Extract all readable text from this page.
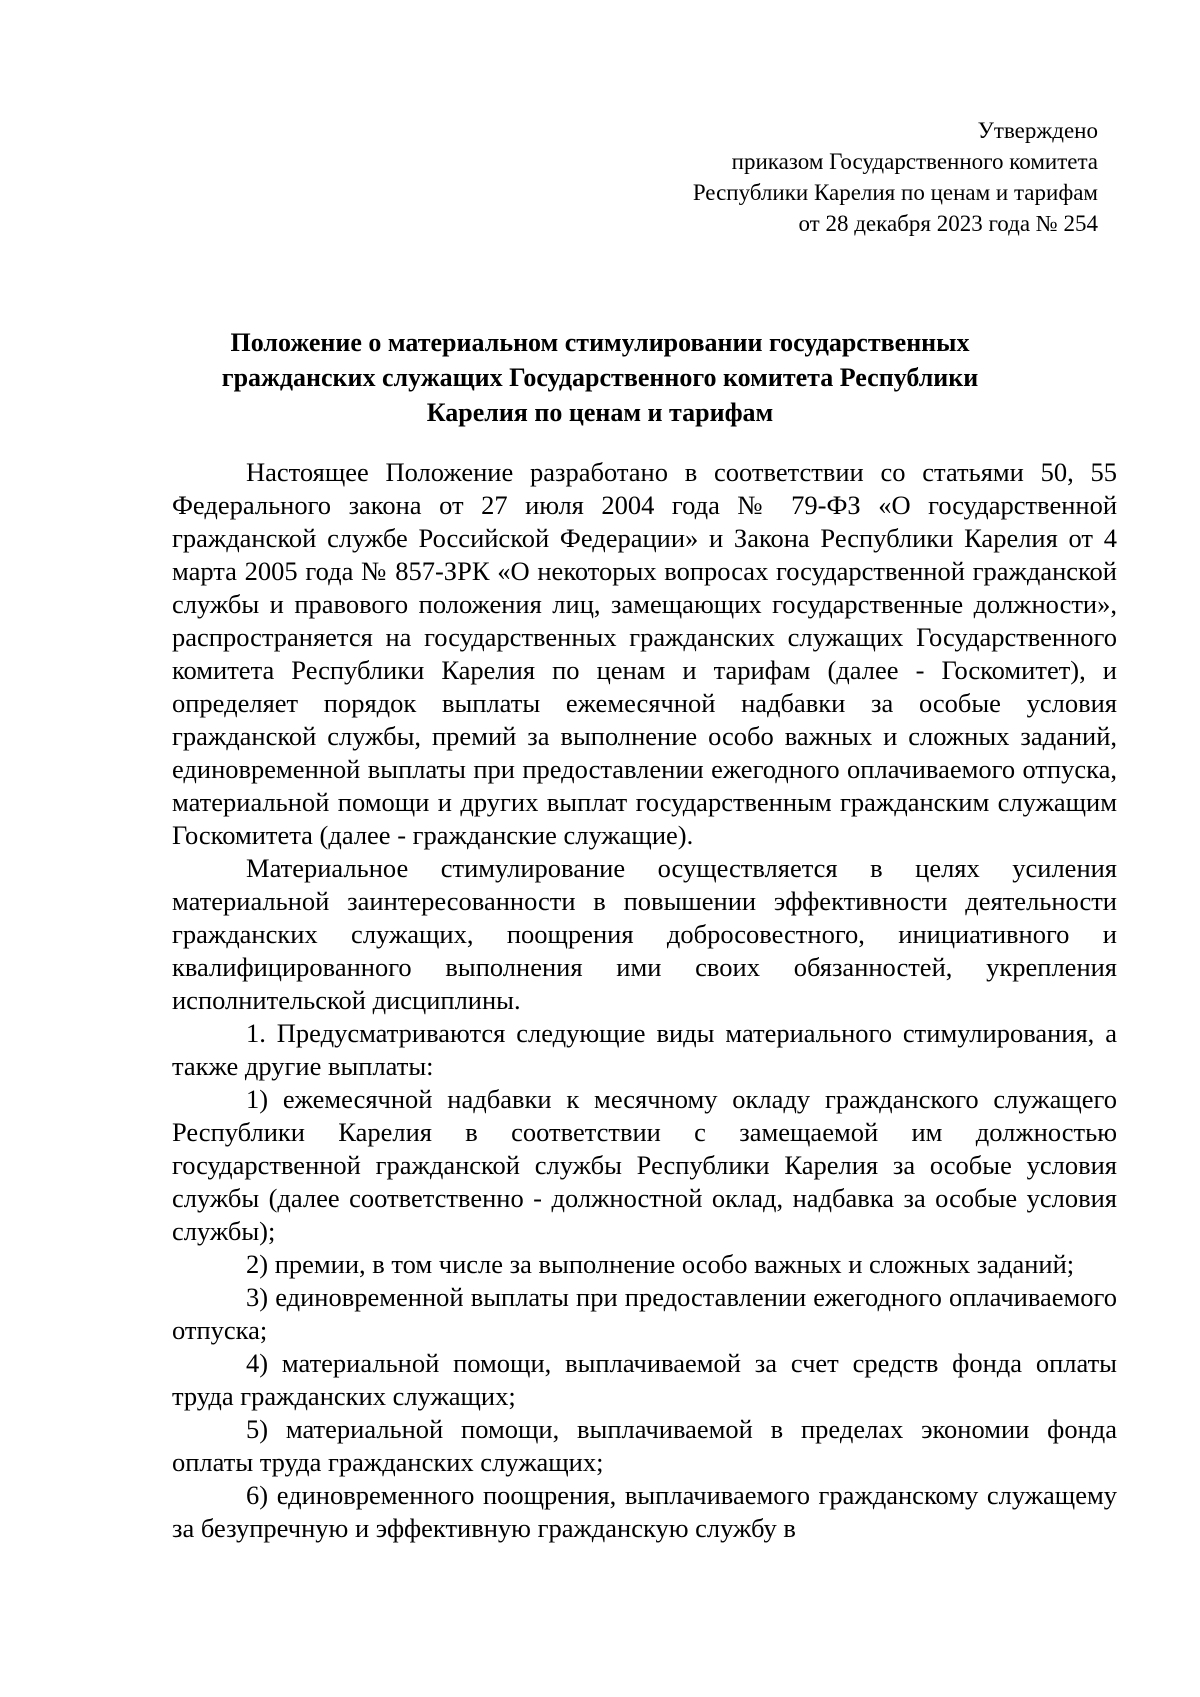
Утверждено
приказом Государственного комитета
Республики Карелия по ценам и тарифам
от 28 декабря 2023 года № 254
Положение о материальном стимулировании государственных
гражданских служащих Государственного комитета Республики
Карелия по ценам и тарифам

Настоящее Положение разработано в соответствии со статьями 50, 55 Федерального закона от 27 июля 2004 года № 79-ФЗ «О государственной гражданской службе Российской Федерации» и Закона Республики Карелия от 4 марта 2005 года № 857-ЗРК «О некоторых вопросах государственной гражданской службы и правового положения лиц, замещающих государственные должности», распространяется на государственных гражданских служащих Государственного комитета Республики Карелия по ценам и тарифам (далее - Госкомитет), и определяет порядок выплаты ежемесячной надбавки за особые условия гражданской службы, премий за выполнение особо важных и сложных заданий, единовременной выплаты при предоставлении ежегодного оплачиваемого отпуска, материальной помощи и других выплат государственным гражданским служащим Госкомитета (далее - гражданские служащие).

Материальное стимулирование осуществляется в целях усиления материальной заинтересованности в повышении эффективности деятельности гражданских служащих, поощрения добросовестного, инициативного и квалифицированного выполнения ими своих обязанностей, укрепления исполнительской дисциплины.

1. Предусматриваются следующие виды материального стимулирования, а также другие выплаты:

1) ежемесячной надбавки к месячному окладу гражданского служащего Республики Карелия в соответствии с замещаемой им должностью государственной гражданской службы Республики Карелия за особые условия службы (далее соответственно - должностной оклад, надбавка за особые условия службы);

2) премии, в том числе за выполнение особо важных и сложных заданий;

3) единовременной выплаты при предоставлении ежегодного оплачиваемого отпуска;

4) материальной помощи, выплачиваемой за счет средств фонда оплаты труда гражданских служащих;

5) материальной помощи, выплачиваемой в пределах экономии фонда оплаты труда гражданских служащих;

6) единовременного поощрения, выплачиваемого гражданскому служащему за безупречную и эффективную гражданскую службу в
